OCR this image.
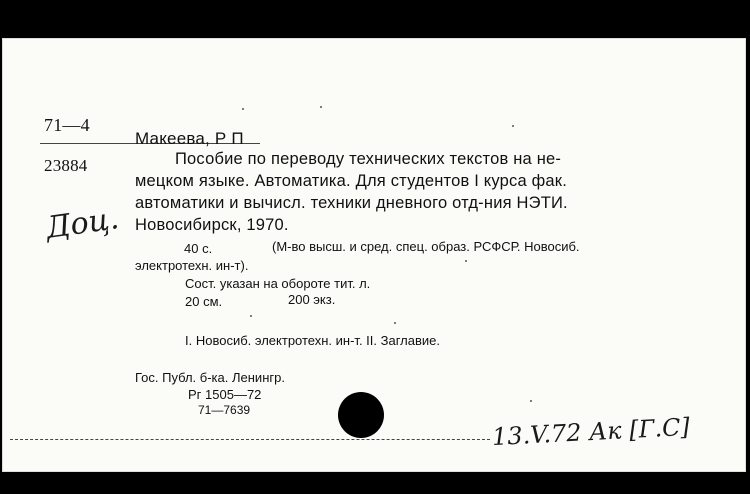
71—4
23884
Доц.
Макеева, Р П
Пособие по переводу технических текстов на не-
мецком языке. Автоматика. Для студентов I курса фак.
автоматики и вычисл. техники дневного отд-ния НЭТИ.
Новосибирск, 1970.
40 с.	(М-во высш. и сред. спец. образ. РСФСР. Новосиб.
электротехн. ин-т).
Сост. указан на обороте тит. л.
20 см.	200 экз.
I. Новосиб. электротехн. ин-т. II. Заглавие.
Гос. Публ. б-ка. Ленингр.
Рг 1505—72
71—7639
13.V.72 Ак [Г.С]
